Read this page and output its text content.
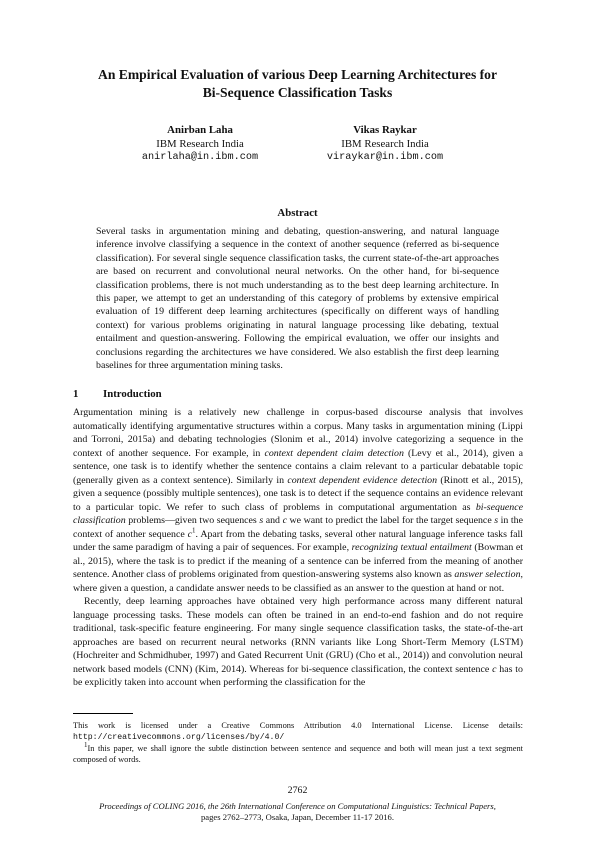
An Empirical Evaluation of various Deep Learning Architectures for
Bi-Sequence Classification Tasks
Anirban Laha
IBM Research India
anirlaha@in.ibm.com
Vikas Raykar
IBM Research India
viraykar@in.ibm.com
Abstract

Several tasks in argumentation mining and debating, question-answering, and natural language inference involve classifying a sequence in the context of another sequence (referred as bi-sequence classification). For several single sequence classification tasks, the current state-of-the-art approaches are based on recurrent and convolutional neural networks. On the other hand, for bi-sequence classification problems, there is not much understanding as to the best deep learning architecture. In this paper, we attempt to get an understanding of this category of problems by extensive empirical evaluation of 19 different deep learning architectures (specifically on different ways of handling context) for various problems originating in natural language processing like debating, textual entailment and question-answering. Following the empirical evaluation, we offer our insights and conclusions regarding the architectures we have considered. We also establish the first deep learning baselines for three argumentation mining tasks.

1 Introduction

Argumentation mining is a relatively new challenge in corpus-based discourse analysis that involves automatically identifying argumentative structures within a corpus. Many tasks in argumentation mining (Lippi and Torroni, 2015a) and debating technologies (Slonim et al., 2014) involve categorizing a sequence in the context of another sequence. For example, in context dependent claim detection (Levy et al., 2014), given a sentence, one task is to identify whether the sentence contains a claim relevant to a particular debatable topic (generally given as a context sentence). Similarly in context dependent evidence detection (Rinott et al., 2015), given a sequence (possibly multiple sentences), one task is to detect if the sequence contains an evidence relevant to a particular topic. We refer to such class of problems in computational argumentation as bi-sequence classification problems—given two sequences s and c we want to predict the label for the target sequence s in the context of another sequence $c^1$. Apart from the debating tasks, several other natural language inference tasks fall under the same paradigm of having a pair of sequences. For example, recognizing textual entailment (Bowman et al., 2015), where the task is to predict if the meaning of a sentence can be inferred from the meaning of another sentence. Another class of problems originated from question-answering systems also known as answer selection, where given a question, a candidate answer needs to be classified as an answer to the question at hand or not.

Recently, deep learning approaches have obtained very high performance across many different natural language processing tasks. These models can often be trained in an end-to-end fashion and do not require traditional, task-specific feature engineering. For many single sequence classification tasks, the state-of-the-art approaches are based on recurrent neural networks (RNN variants like Long Short-Term Memory (LSTM) (Hochreiter and Schmidhuber, 1997) and Gated Recurrent Unit (GRU) (Cho et al., 2014)) and convolution neural network based models (CNN) (Kim, 2014). Whereas for bi-sequence classification, the context sentence c has to be explicitly taken into account when performing the classification for the

This work is licensed under a Creative Commons Attribution 4.0 International License. License details: http://creativecommons.org/licenses/by/4.0/

$^1$In this paper, we shall ignore the subtle distinction between sentence and sequence and both will mean just a text segment composed of words.

2762
Proceedings of COLING 2016, the 26th International Conference on Computational Linguistics: Technical Papers,
pages 2762–2773, Osaka, Japan, December 11-17 2016.
